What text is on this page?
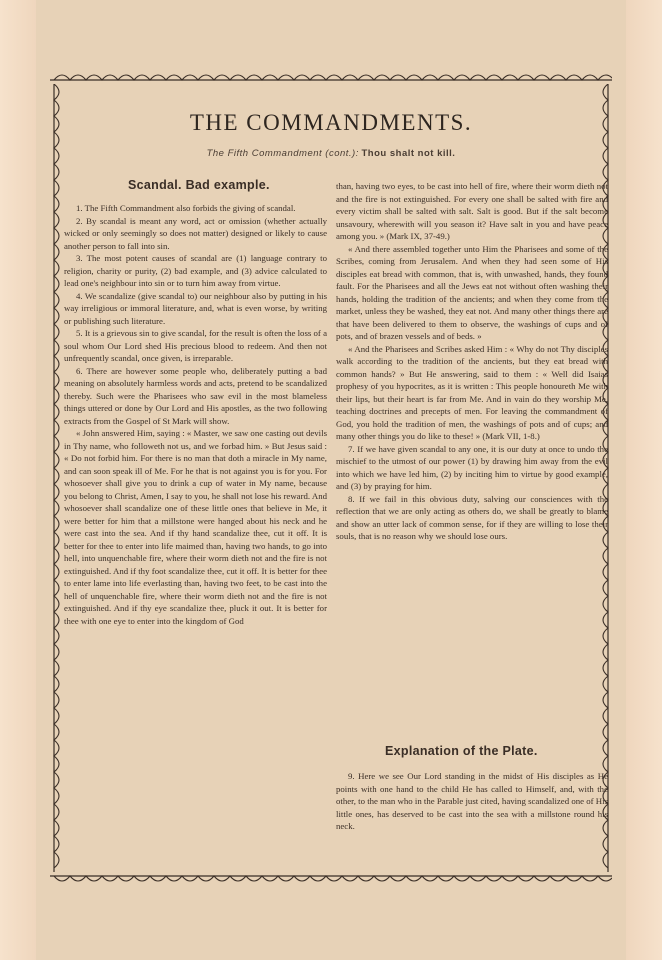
THE COMMANDMENTS.
The Fifth Commandment (cont.): Thou shalt not kill.
Scandal. Bad example.

1. The Fifth Commandment also forbids the giving of scandal.

2. By scandal is meant any word, act or omission (whether actually wicked or only seemingly so does not matter) designed or likely to cause another person to fall into sin.

3. The most potent causes of scandal are (1) language contrary to religion, charity or purity, (2) bad example, and (3) advice calculated to lead one's neighbour into sin or to turn him away from virtue.

4. We scandalize (give scandal to) our neighbour also by putting in his way irreligious or immoral literature, and, what is even worse, by writing or publishing such literature.

5. It is a grievous sin to give scandal, for the result is often the loss of a soul whom Our Lord shed His precious blood to redeem. And then not unfrequently scandal, once given, is irreparable.

6. There are however some people who, deliberately putting a bad meaning on absolutely harmless words and acts, pretend to be scandalized thereby. Such were the Pharisees who saw evil in the most blameless things uttered or done by Our Lord and His apostles, as the two following extracts from the Gospel of St Mark will show.

« John answered Him, saying : « Master, we saw one casting out devils in Thy name, who followeth not us, and we forbad him. » But Jesus said : « Do not forbid him. For there is no man that doth a miracle in My name, and can soon speak ill of Me. For he that is not against you is for you. For whosoever shall give you to drink a cup of water in My name, because you belong to Christ, Amen, I say to you, he shall not lose his reward. And whosoever shall scandalize one of these little ones that believe in Me, it were better for him that a millstone were hanged about his neck and he were cast into the sea. And if thy hand scandalize thee, cut it off. It is better for thee to enter into life maimed than, having two hands, to go into hell, into unquenchable fire, where their worm dieth not and the fire is not extinguished. And if thy foot scandalize thee, cut it off. It is better for thee to enter lame into life everlasting than, having two feet, to be cast into the hell of unquenchable fire, where their worm dieth not and the fire is not extinguished. And if thy eye scandalize thee, pluck it out. It is better for thee with one eye to enter into the kingdom of God

than, having two eyes, to be cast into hell of fire, where their worm dieth not and the fire is not extinguished. For every one shall be salted with fire and every victim shall be salted with salt. Salt is good. But if the salt become unsavoury, wherewith will you season it? Have salt in you and have peace among you. » (Mark IX, 37-49.)

« And there assembled together unto Him the Pharisees and some of the Scribes, coming from Jerusalem. And when they had seen some of His disciples eat bread with common, that is, with unwashed, hands, they found fault. For the Pharisees and all the Jews eat not without often washing their hands, holding the tradition of the ancients; and when they come from the market, unless they be washed, they eat not. And many other things there are that have been delivered to them to observe, the washings of cups and of pots, and of brazen vessels and of beds. »

« And the Pharisees and Scribes asked Him : « Why do not Thy disciples walk according to the tradition of the ancients, but they eat bread with common hands? » But He answering, said to them : « Well did Isaias prophesy of you hypocrites, as it is written : This people honoureth Me with their lips, but their heart is far from Me. And in vain do they worship Me, teaching doctrines and precepts of men. For leaving the commandment of God, you hold the tradition of men, the washings of pots and of cups; and many other things you do like to these! » (Mark VII, 1-8.)

7. If we have given scandal to any one, it is our duty at once to undo the mischief to the utmost of our power (1) by drawing him away from the evil into which we have led him, (2) by inciting him to virtue by good example, and (3) by praying for him.

8. If we fail in this obvious duty, salving our consciences with the reflection that we are only acting as others do, we shall be greatly to blame and show an utter lack of common sense, for if they are willing to lose their souls, that is no reason why we should lose ours.

Explanation of the Plate.

9. Here we see Our Lord standing in the midst of His disciples as He points with one hand to the child He has called to Himself, and, with the other, to the man who in the Parable just cited, having scandalized one of His little ones, has deserved to be cast into the sea with a millstone round his neck.
